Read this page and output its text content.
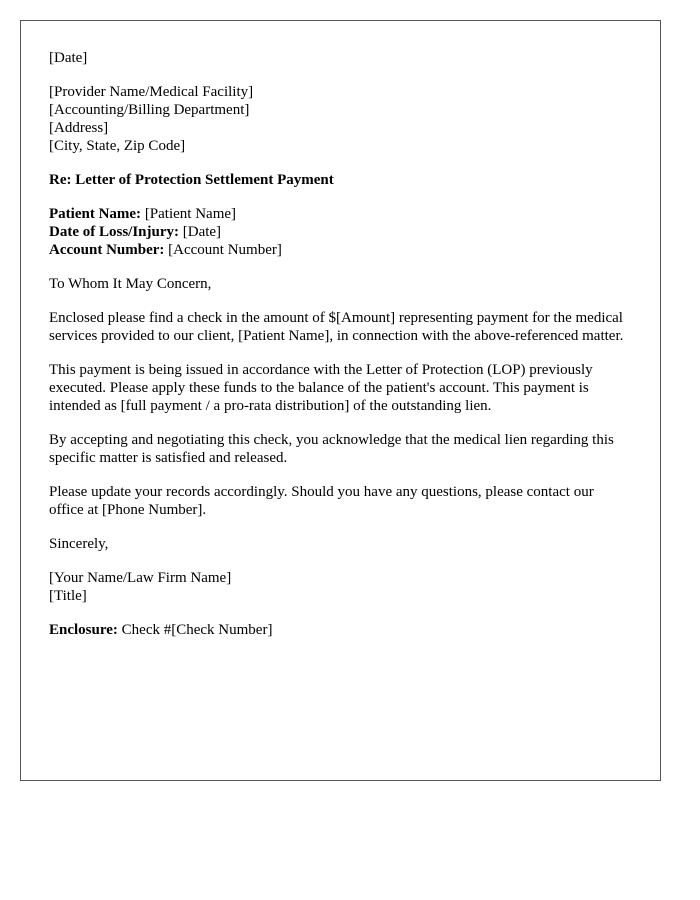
[Date]

[Provider Name/Medical Facility]
[Accounting/Billing Department]
[Address]
[City, State, Zip Code]

Re: Letter of Protection Settlement Payment

Patient Name: [Patient Name]
Date of Loss/Injury: [Date]
Account Number: [Account Number]

To Whom It May Concern,

Enclosed please find a check in the amount of $[Amount] representing payment for the medical services provided to our client, [Patient Name], in connection with the above-referenced matter.

This payment is being issued in accordance with the Letter of Protection (LOP) previously executed. Please apply these funds to the balance of the patient's account. This payment is intended as [full payment / a pro-rata distribution] of the outstanding lien.

By accepting and negotiating this check, you acknowledge that the medical lien regarding this specific matter is satisfied and released.

Please update your records accordingly. Should you have any questions, please contact our office at [Phone Number].

Sincerely,

[Your Name/Law Firm Name]
[Title]

Enclosure: Check #[Check Number]
